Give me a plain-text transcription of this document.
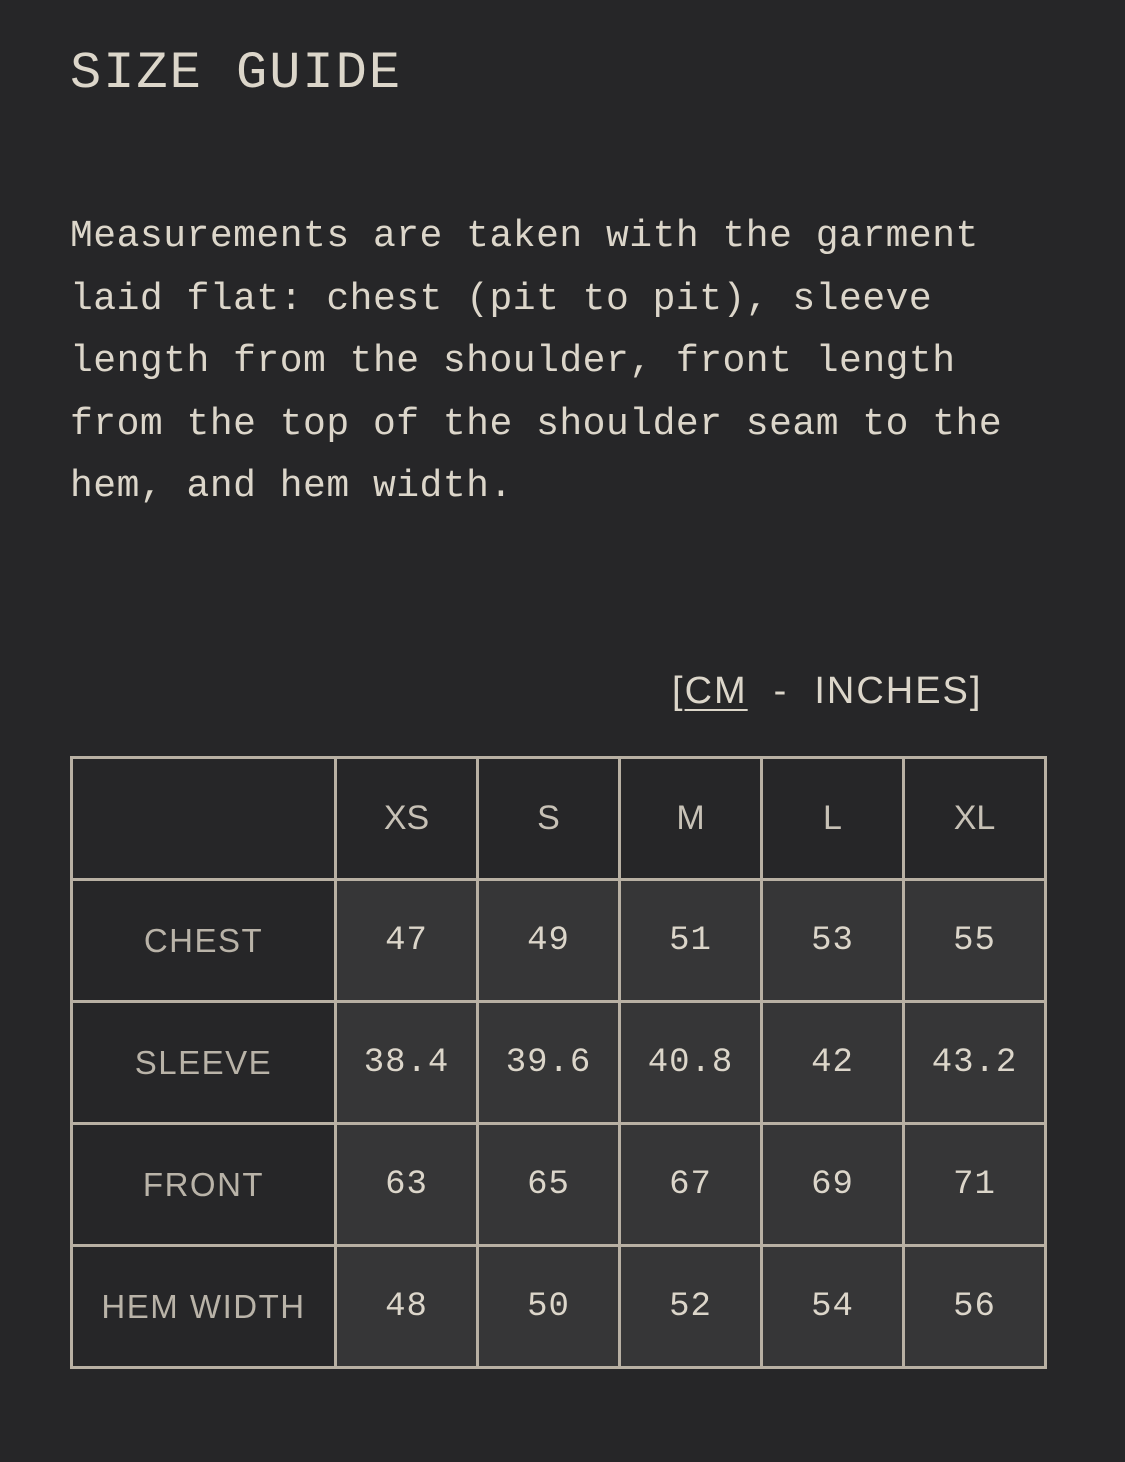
SIZE GUIDE

Measurements are taken with the garment laid flat: chest (pit to pit), sleeve length from the shoulder, front length from the top of the shoulder seam to the hem, and hem width.

[CM - INCHES]
	XS	S	M	L	XL
CHEST	47	49	51	53	55
SLEEVE	38.4	39.6	40.8	42	43.2
FRONT	63	65	67	69	71
HEM WIDTH	48	50	52	54	56
